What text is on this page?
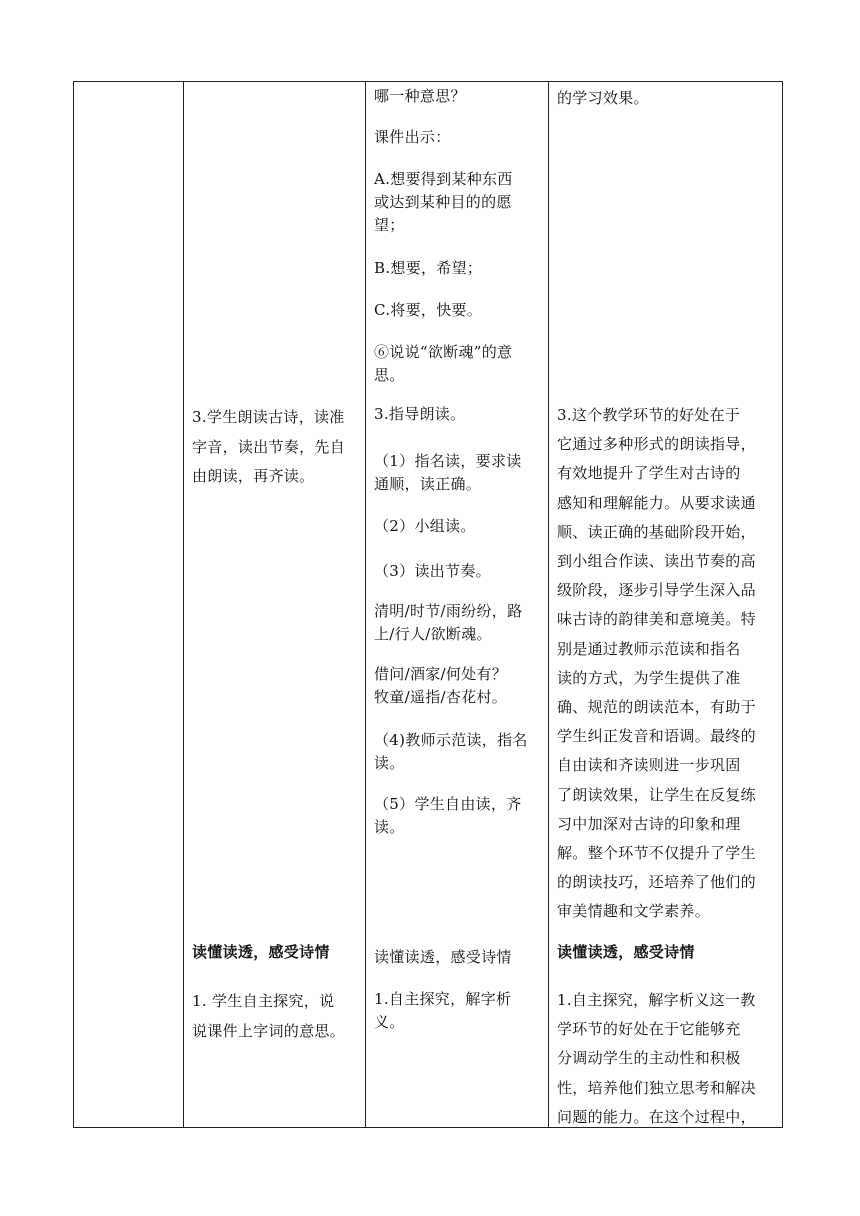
3.学生朗读古诗，读准
字音，读出节奏，先自
由朗读，再齐读。
读懂读透，感受诗情
1. 学生自主探究，说
说课件上字词的意思。
哪一种意思？
课件出示：
A.想要得到某种东西
或达到某种目的的愿
望；
B.想要，希望；
C.将要，快要。
⑥说说“欲断魂”的意
思。
3.指导朗读。
（1）指名读，要求读
通顺，读正确。
（2）小组读。
（3）读出节奏。
清明/时节/雨纷纷，路
上/行人/欲断魂。
借问/酒家/何处有？
牧童/遥指/杏花村。
（4)教师示范读，指名
读。
（5）学生自由读，齐
读。
读懂读透，感受诗情
1.自主探究，解字析
义。
的学习效果。
3.这个教学环节的好处在于
它通过多种形式的朗读指导，
有效地提升了学生对古诗的
感知和理解能力。从要求读通
顺、读正确的基础阶段开始，
到小组合作读、读出节奏的高
级阶段，逐步引导学生深入品
味古诗的韵律美和意境美。特
别是通过教师示范读和指名
读的方式，为学生提供了准
确、规范的朗读范本，有助于
学生纠正发音和语调。最终的
自由读和齐读则进一步巩固
了朗读效果，让学生在反复练
习中加深对古诗的印象和理
解。整个环节不仅提升了学生
的朗读技巧，还培养了他们的
审美情趣和文学素养。
读懂读透，感受诗情
1.自主探究，解字析义这一教
学环节的好处在于它能够充
分调动学生的主动性和积极
性，培养他们独立思考和解决
问题的能力。在这个过程中，
